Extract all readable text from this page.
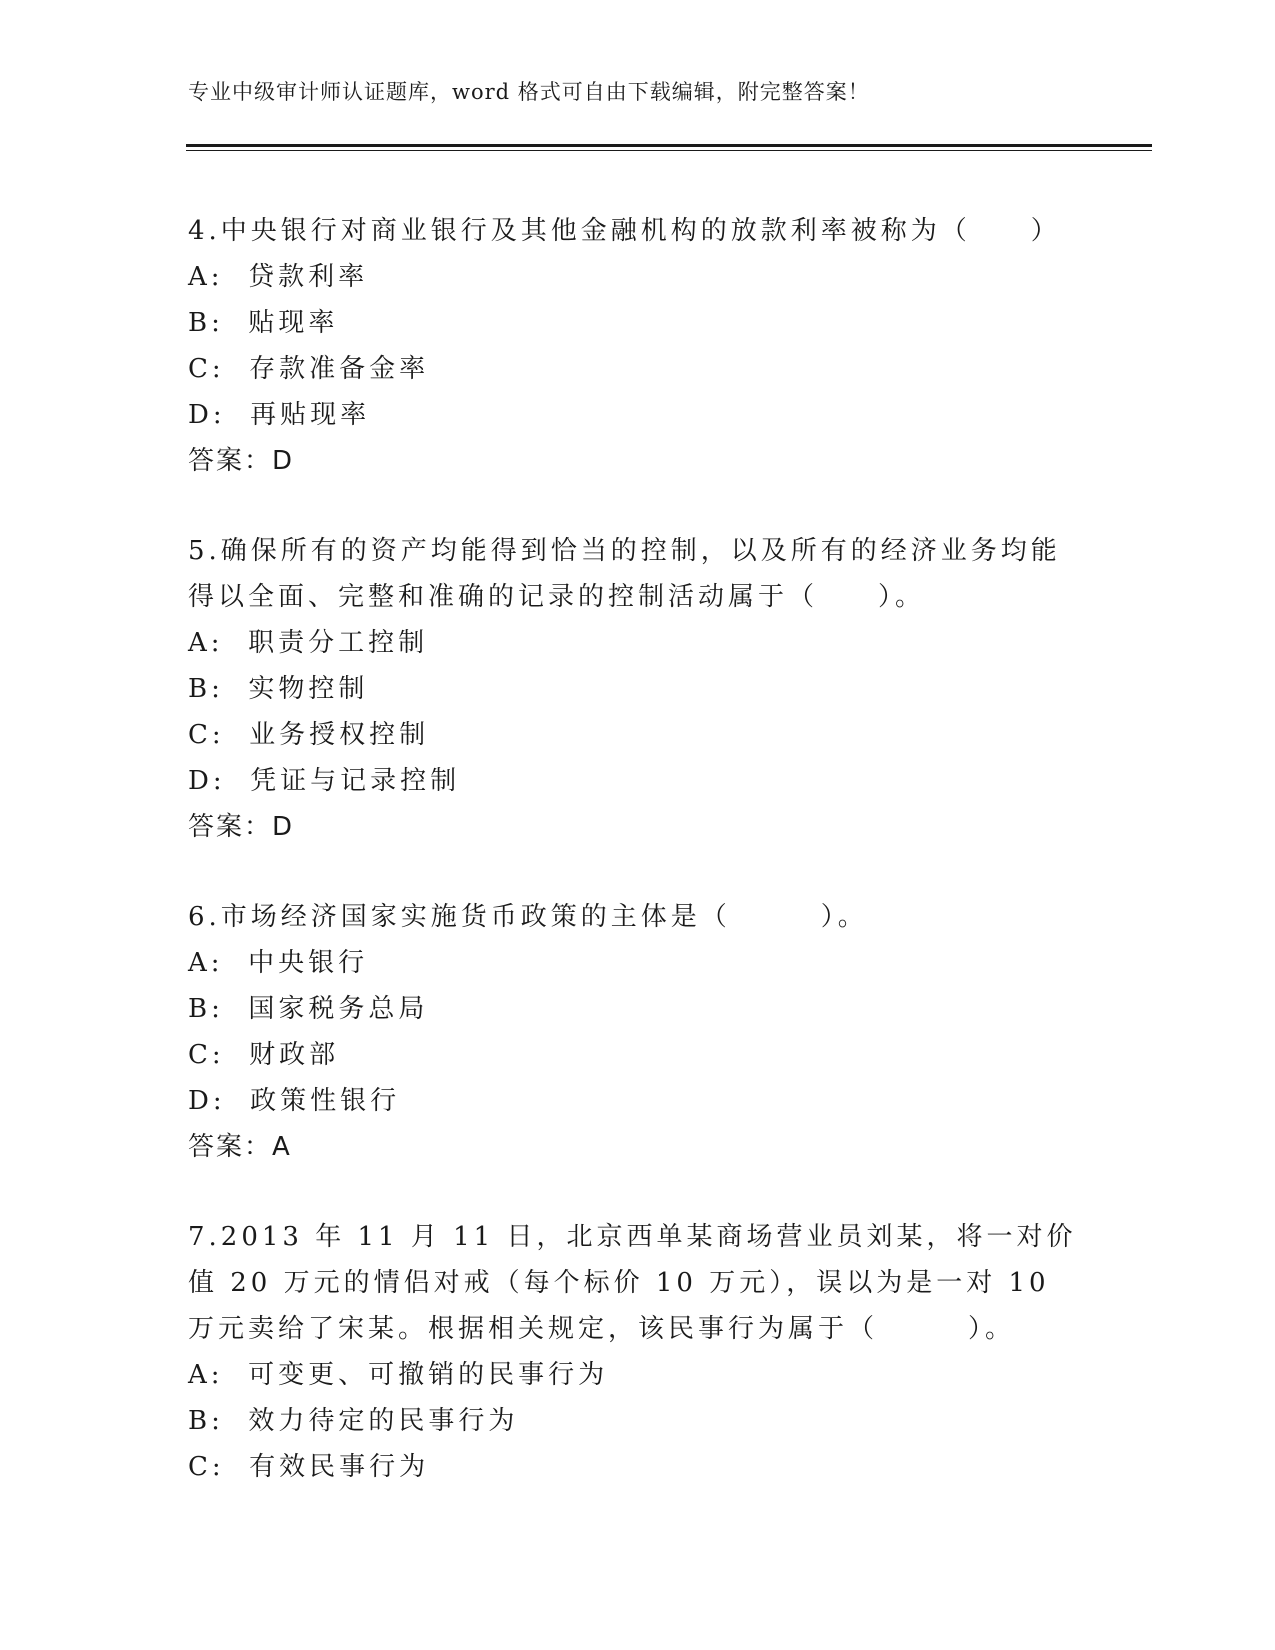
专业中级审计师认证题库，word 格式可自由下载编辑，附完整答案！
4.中央银行对商业银行及其他金融机构的放款利率被称为（　　）
A:  贷款利率
B:  贴现率
C:  存款准备金率
D:  再贴现率
答案：D
5.确保所有的资产均能得到恰当的控制，以及所有的经济业务均能得以全面、完整和准确的记录的控制活动属于（　　）。
A:  职责分工控制
B:  实物控制
C:  业务授权控制
D:  凭证与记录控制
答案：D
6.市场经济国家实施货币政策的主体是（　　　）。
A:  中央银行
B:  国家税务总局
C:  财政部
D:  政策性银行
答案：A
7.2013 年 11 月 11 日，北京西单某商场营业员刘某，将一对价值 20 万元的情侣对戒（每个标价 10 万元），误以为是一对 10 万元卖给了宋某。根据相关规定，该民事行为属于（　　　）。
A:  可变更、可撤销的民事行为
B:  效力待定的民事行为
C:  有效民事行为
